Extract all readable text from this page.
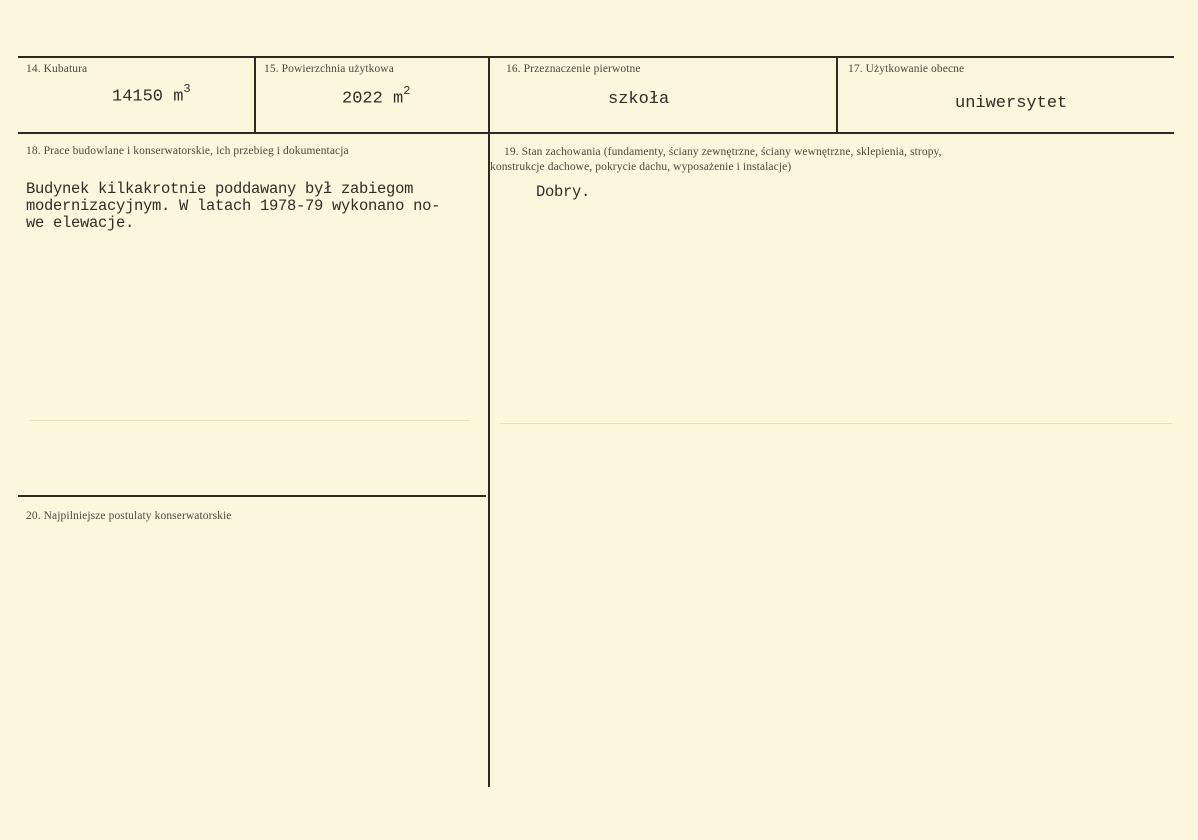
14. Kubatura
14150 $m^3$
15. Powierzchnia użytkowa
2022 $m^2$
16. Przeznaczenie pierwotne
szkoła
17. Użytkowanie obecne
uniwersytet
18. Prace budowlane i konserwatorskie, ich przebieg i dokumentacja
Budynek kilkakrotnie poddawany był zabiegom
modernizacyjnym. W latach 1978-79 wykonano no-
we elewacje.
19. Stan zachowania (fundamenty, ściany zewnętrzne, ściany wewnętrzne, sklepienia, stropy,
konstrukcje dachowe, pokrycie dachu, wyposażenie i instalacje)
Dobry.
20. Najpilniejsze postulaty konserwatorskie
